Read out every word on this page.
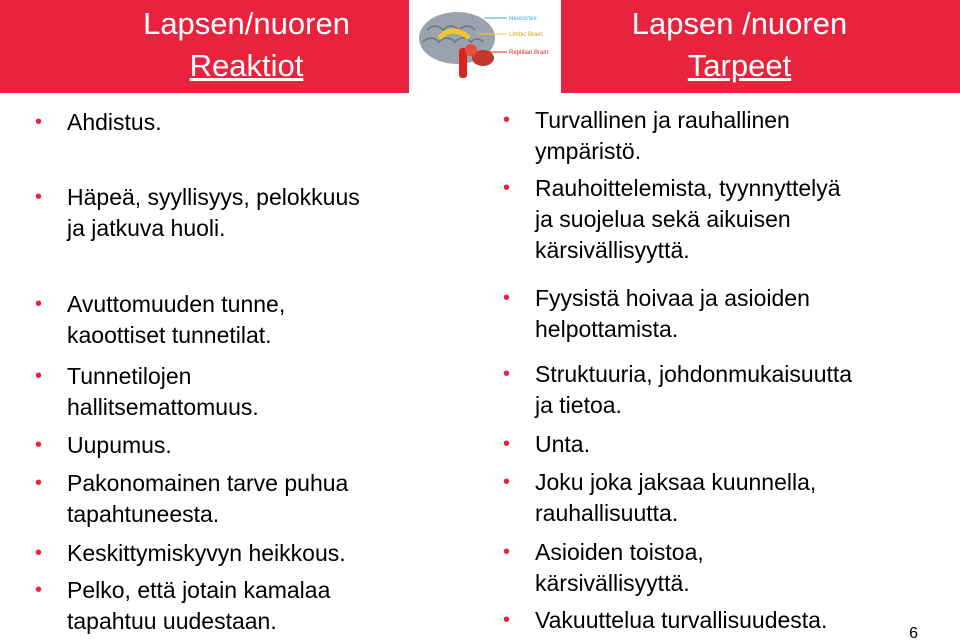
Lapsen/nuoren
Reaktiot
Neocortex:
Limbic Brain:
Reptilian Brain:
Lapsen /nuoren
Tarpeet
• Ahdistus.
• Häpeä, syyllisyys, pelokkuus
ja jatkuva huoli.
• Avuttomuuden tunne,
kaoottiset tunnetilat.
• Tunnetilojen
hallitsemattomuus.
• Uupumus.
• Pakonomainen tarve puhua
tapahtuneesta.
• Keskittymiskyvyn heikkous.
• Pelko, että jotain kamalaa
tapahtuu uudestaan.
• Turvallinen ja rauhallinen
ympäristö.
• Rauhoittelemista, tyynnyttelyä
ja suojelua sekä aikuisen
kärsivällisyyttä.
• Fyysistä hoivaa ja asioiden
helpottamista.
• Struktuuria, johdonmukaisuutta
ja tietoa.
• Unta.
• Joku joka jaksaa kuunnella,
rauhallisuutta.
• Asioiden toistoa,
kärsivällisyyttä.
• Vakuuttelua turvallisuudesta.
6
